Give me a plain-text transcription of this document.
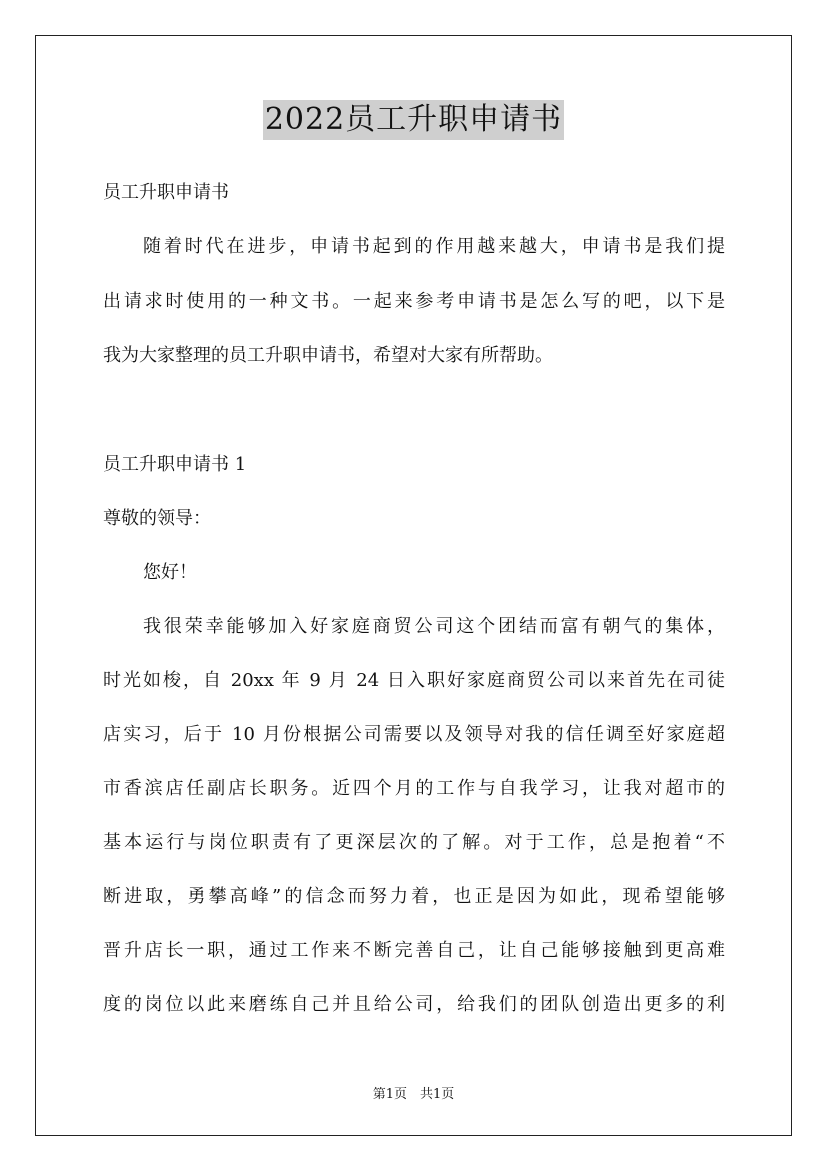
2022员工升职申请书
员工升职申请书
随着时代在进步，申请书起到的作用越来越大，申请书是我们提
出请求时使用的一种文书。一起来参考申请书是怎么写的吧，以下是
我为大家整理的员工升职申请书，希望对大家有所帮助。
员工升职申请书 1
尊敬的领导：
您好！
我很荣幸能够加入好家庭商贸公司这个团结而富有朝气的集体，
时光如梭，自 20xx 年 9 月 24 日入职好家庭商贸公司以来首先在司徒
店实习，后于 10 月份根据公司需要以及领导对我的信任调至好家庭超
市香滨店任副店长职务。近四个月的工作与自我学习，让我对超市的
基本运行与岗位职责有了更深层次的了解。对于工作，总是抱着“不
断进取，勇攀高峰”的信念而努力着，也正是因为如此，现希望能够
晋升店长一职，通过工作来不断完善自己，让自己能够接触到更高难
度的岗位以此来磨练自己并且给公司，给我们的团队创造出更多的利
第1页　共1页
